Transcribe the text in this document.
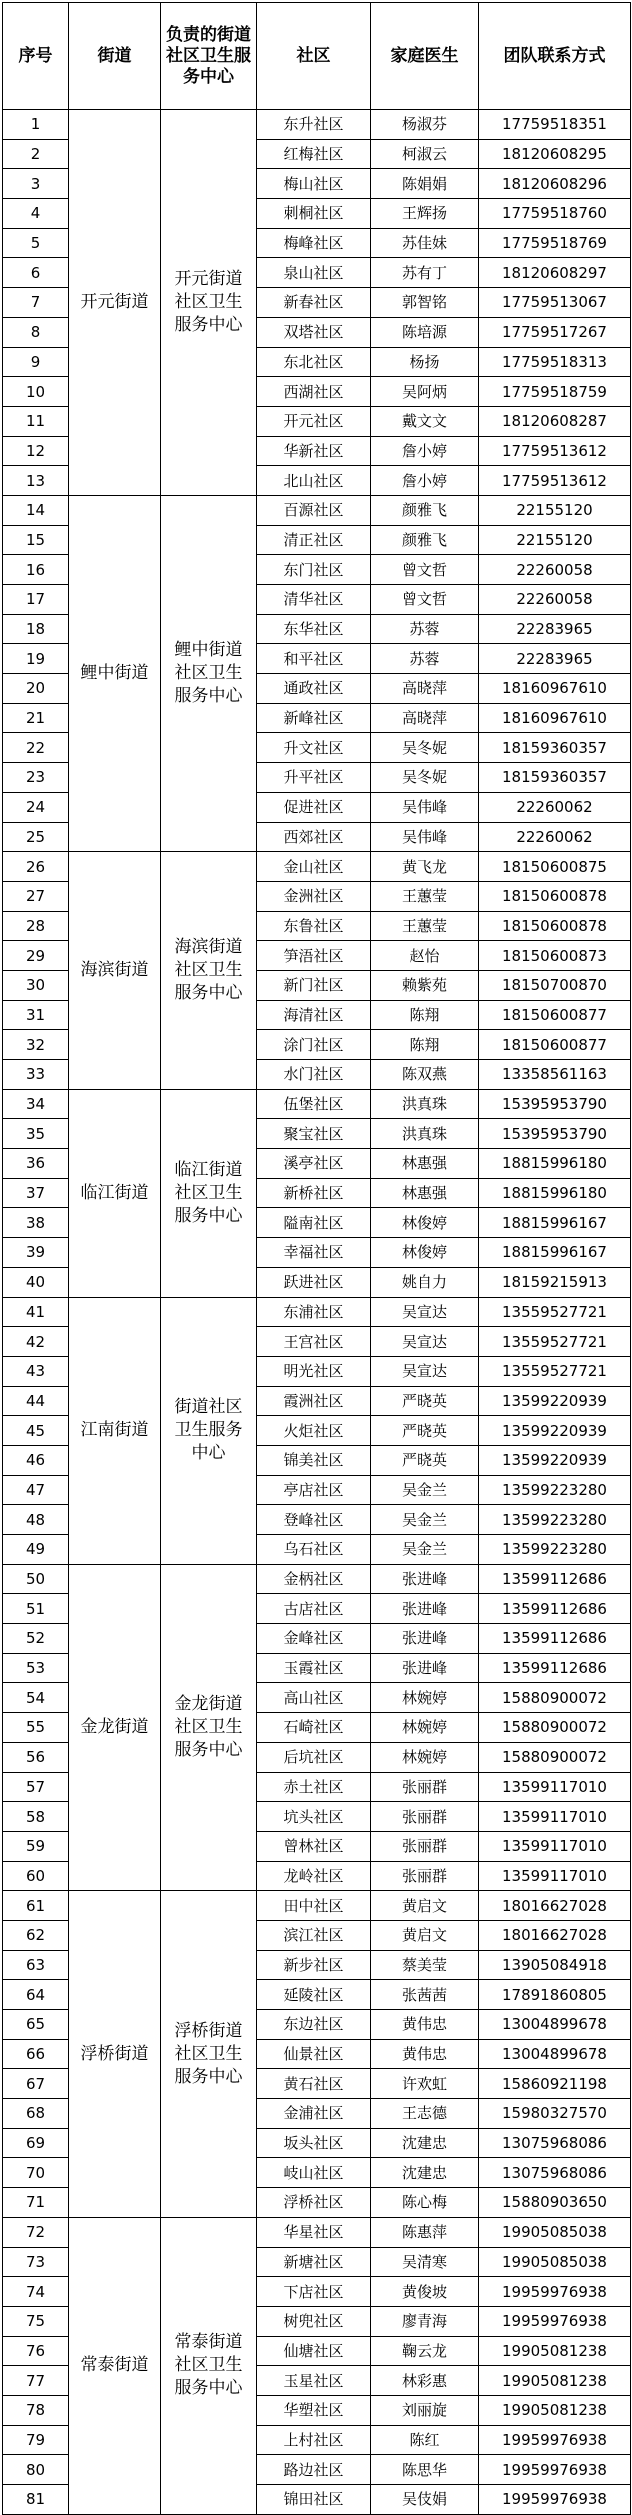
序号	街道	负责的街道社区卫生服务中心	社区	家庭医生	团队联系方式
1	开元街道	开元街道社区卫生服务中心	东升社区	杨淑芬	17759518351
2			红梅社区	柯淑云	18120608295
3			梅山社区	陈娟娟	18120608296
4			刺桐社区	王辉扬	17759518760
5			梅峰社区	苏佳妹	17759518769
6			泉山社区	苏有丁	18120608297
7			新春社区	郭智铭	17759513067
8			双塔社区	陈培源	17759517267
9			东北社区	杨扬	17759518313
10			西湖社区	吴阿炳	17759518759
11			开元社区	戴文文	18120608287
12			华新社区	詹小婷	17759513612
13			北山社区	詹小婷	17759513612
14	鲤中街道	鲤中街道社区卫生服务中心	百源社区	颜雅飞	22155120
15			清正社区	颜雅飞	22155120
16			东门社区	曾文哲	22260058
17			清华社区	曾文哲	22260058
18			东华社区	苏蓉	22283965
19			和平社区	苏蓉	22283965
20			通政社区	高晓萍	18160967610
21			新峰社区	高晓萍	18160967610
22			升文社区	吴冬妮	18159360357
23			升平社区	吴冬妮	18159360357
24			促进社区	吴伟峰	22260062
25			西郊社区	吴伟峰	22260062
26	海滨街道	海滨街道社区卫生服务中心	金山社区	黄飞龙	18150600875
27			金洲社区	王蕙莹	18150600878
28			东鲁社区	王蕙莹	18150600878
29			笋浯社区	赵怡	18150600873
30			新门社区	赖紫苑	18150700870
31			海清社区	陈翔	18150600877
32			涂门社区	陈翔	18150600877
33			水门社区	陈双燕	13358561163
34	临江街道	临江街道社区卫生服务中心	伍堡社区	洪真珠	15395953790
35			聚宝社区	洪真珠	15395953790
36			溪亭社区	林惠强	18815996180
37			新桥社区	林惠强	18815996180
38			隘南社区	林俊婷	18815996167
39			幸福社区	林俊婷	18815996167
40			跃进社区	姚自力	18159215913
41	江南街道	街道社区卫生服务中心	东浦社区	吴宣达	13559527721
42			王宫社区	吴宣达	13559527721
43			明光社区	吴宣达	13559527721
44			霞洲社区	严晓英	13599220939
45			火炬社区	严晓英	13599220939
46			锦美社区	严晓英	13599220939
47			亭店社区	吴金兰	13599223280
48			登峰社区	吴金兰	13599223280
49			乌石社区	吴金兰	13599223280
50	金龙街道	金龙街道社区卫生服务中心	金柄社区	张进峰	13599112686
51			古店社区	张进峰	13599112686
52			金峰社区	张进峰	13599112686
53			玉霞社区	张进峰	13599112686
54			高山社区	林婉婷	15880900072
55			石崎社区	林婉婷	15880900072
56			后坑社区	林婉婷	15880900072
57			赤土社区	张丽群	13599117010
58			坑头社区	张丽群	13599117010
59			曾林社区	张丽群	13599117010
60			龙岭社区	张丽群	13599117010
61	浮桥街道	浮桥街道社区卫生服务中心	田中社区	黄启文	18016627028
62			滨江社区	黄启文	18016627028
63			新步社区	蔡美莹	13905084918
64			延陵社区	张茜茜	17891860805
65			东边社区	黄伟忠	13004899678
66			仙景社区	黄伟忠	13004899678
67			黄石社区	许欢虹	15860921198
68			金浦社区	王志德	15980327570
69			坂头社区	沈建忠	13075968086
70			岐山社区	沈建忠	13075968086
71			浮桥社区	陈心梅	15880903650
72	常泰街道	常泰街道社区卫生服务中心	华星社区	陈惠萍	19905085038
73			新塘社区	吴清寒	19905085038
74			下店社区	黄俊坡	19959976938
75			树兜社区	廖青海	19959976938
76			仙塘社区	鞠云龙	19905081238
77			玉星社区	林彩惠	19905081238
78			华塑社区	刘丽旋	19905081238
79			上村社区	陈红	19959976938
80			路边社区	陈思华	19959976938
81			锦田社区	吴伎娟	19959976938
